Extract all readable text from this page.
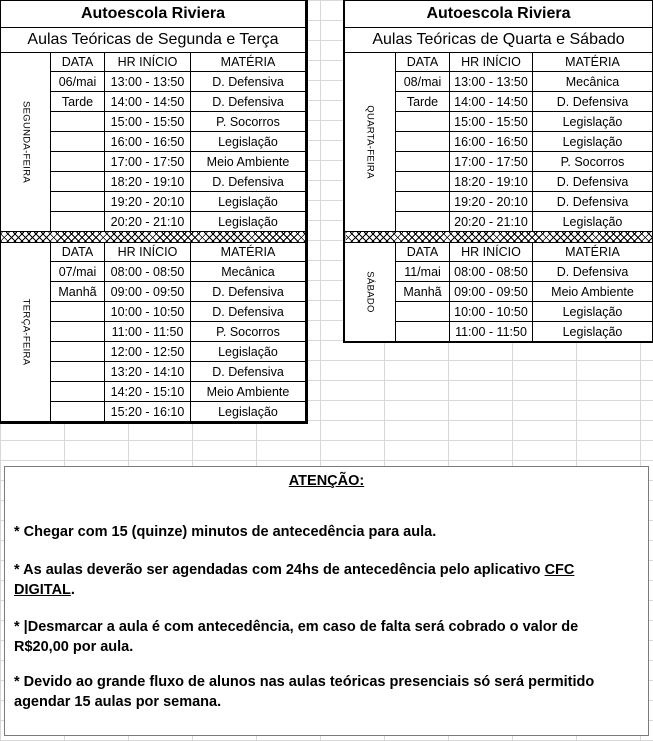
Autoescola Riviera			
Aulas Teóricas de Segunda e Terça			

SEGUNDA-FEIRA	DATA	HR INÍCIO	MATÉRIA
	06/mai	13:00 - 13:50	D. Defensiva
	Tarde	14:00 - 14:50	D. Defensiva
		15:00 - 15:50	P. Socorros
		16:00 - 16:50	Legislação
		17:00 - 17:50	Meio Ambiente
		18:20 - 19:10	D. Defensiva
		19:20 - 20:10	Legislação
		20:20 - 21:10	Legislação

TERÇA-FEIRA	DATA	HR INÍCIO	MATÉRIA
	07/mai	08:00 - 08:50	Mecânica
	Manhã	09:00 - 09:50	D. Defensiva
		10:00 - 10:50	D. Defensiva
		11:00 - 11:50	P. Socorros
		12:00 - 12:50	Legislação
		13:20 - 14:10	D. Defensiva
		14:20 - 15:10	Meio Ambiente
		15:20 - 16:10	Legislação
Autoescola Riviera			
Aulas Teóricas de Quarta e Sábado			

QUARTA-FEIRA	DATA	HR INÍCIO	MATÉRIA
	08/mai	13:00 - 13:50	Mecânica
	Tarde	14:00 - 14:50	D. Defensiva
		15:00 - 15:50	Legislação
		16:00 - 16:50	Legislação
		17:00 - 17:50	P. Socorros
		18:20 - 19:10	D. Defensiva
		19:20 - 20:10	D. Defensiva
		20:20 - 21:10	Legislação

SÁBADO	DATA	HR INÍCIO	MATÉRIA
	11/mai	08:00 - 08:50	D. Defensiva
	Manhã	09:00 - 09:50	Meio Ambiente
		10:00 - 10:50	Legislação
		11:00 - 11:50	Legislação
ATENÇÃO:

* Chegar com 15 (quinze) minutos de antecedência para aula.

* As aulas deverão ser agendadas com 24hs de antecedência pelo aplicativo CFC DIGITAL.

* |Desmarcar a aula é com antecedência, em caso de falta será cobrado o valor de R$20,00 por aula.

* Devido ao grande fluxo de alunos nas aulas teóricas presenciais só será permitido agendar 15 aulas por semana.
